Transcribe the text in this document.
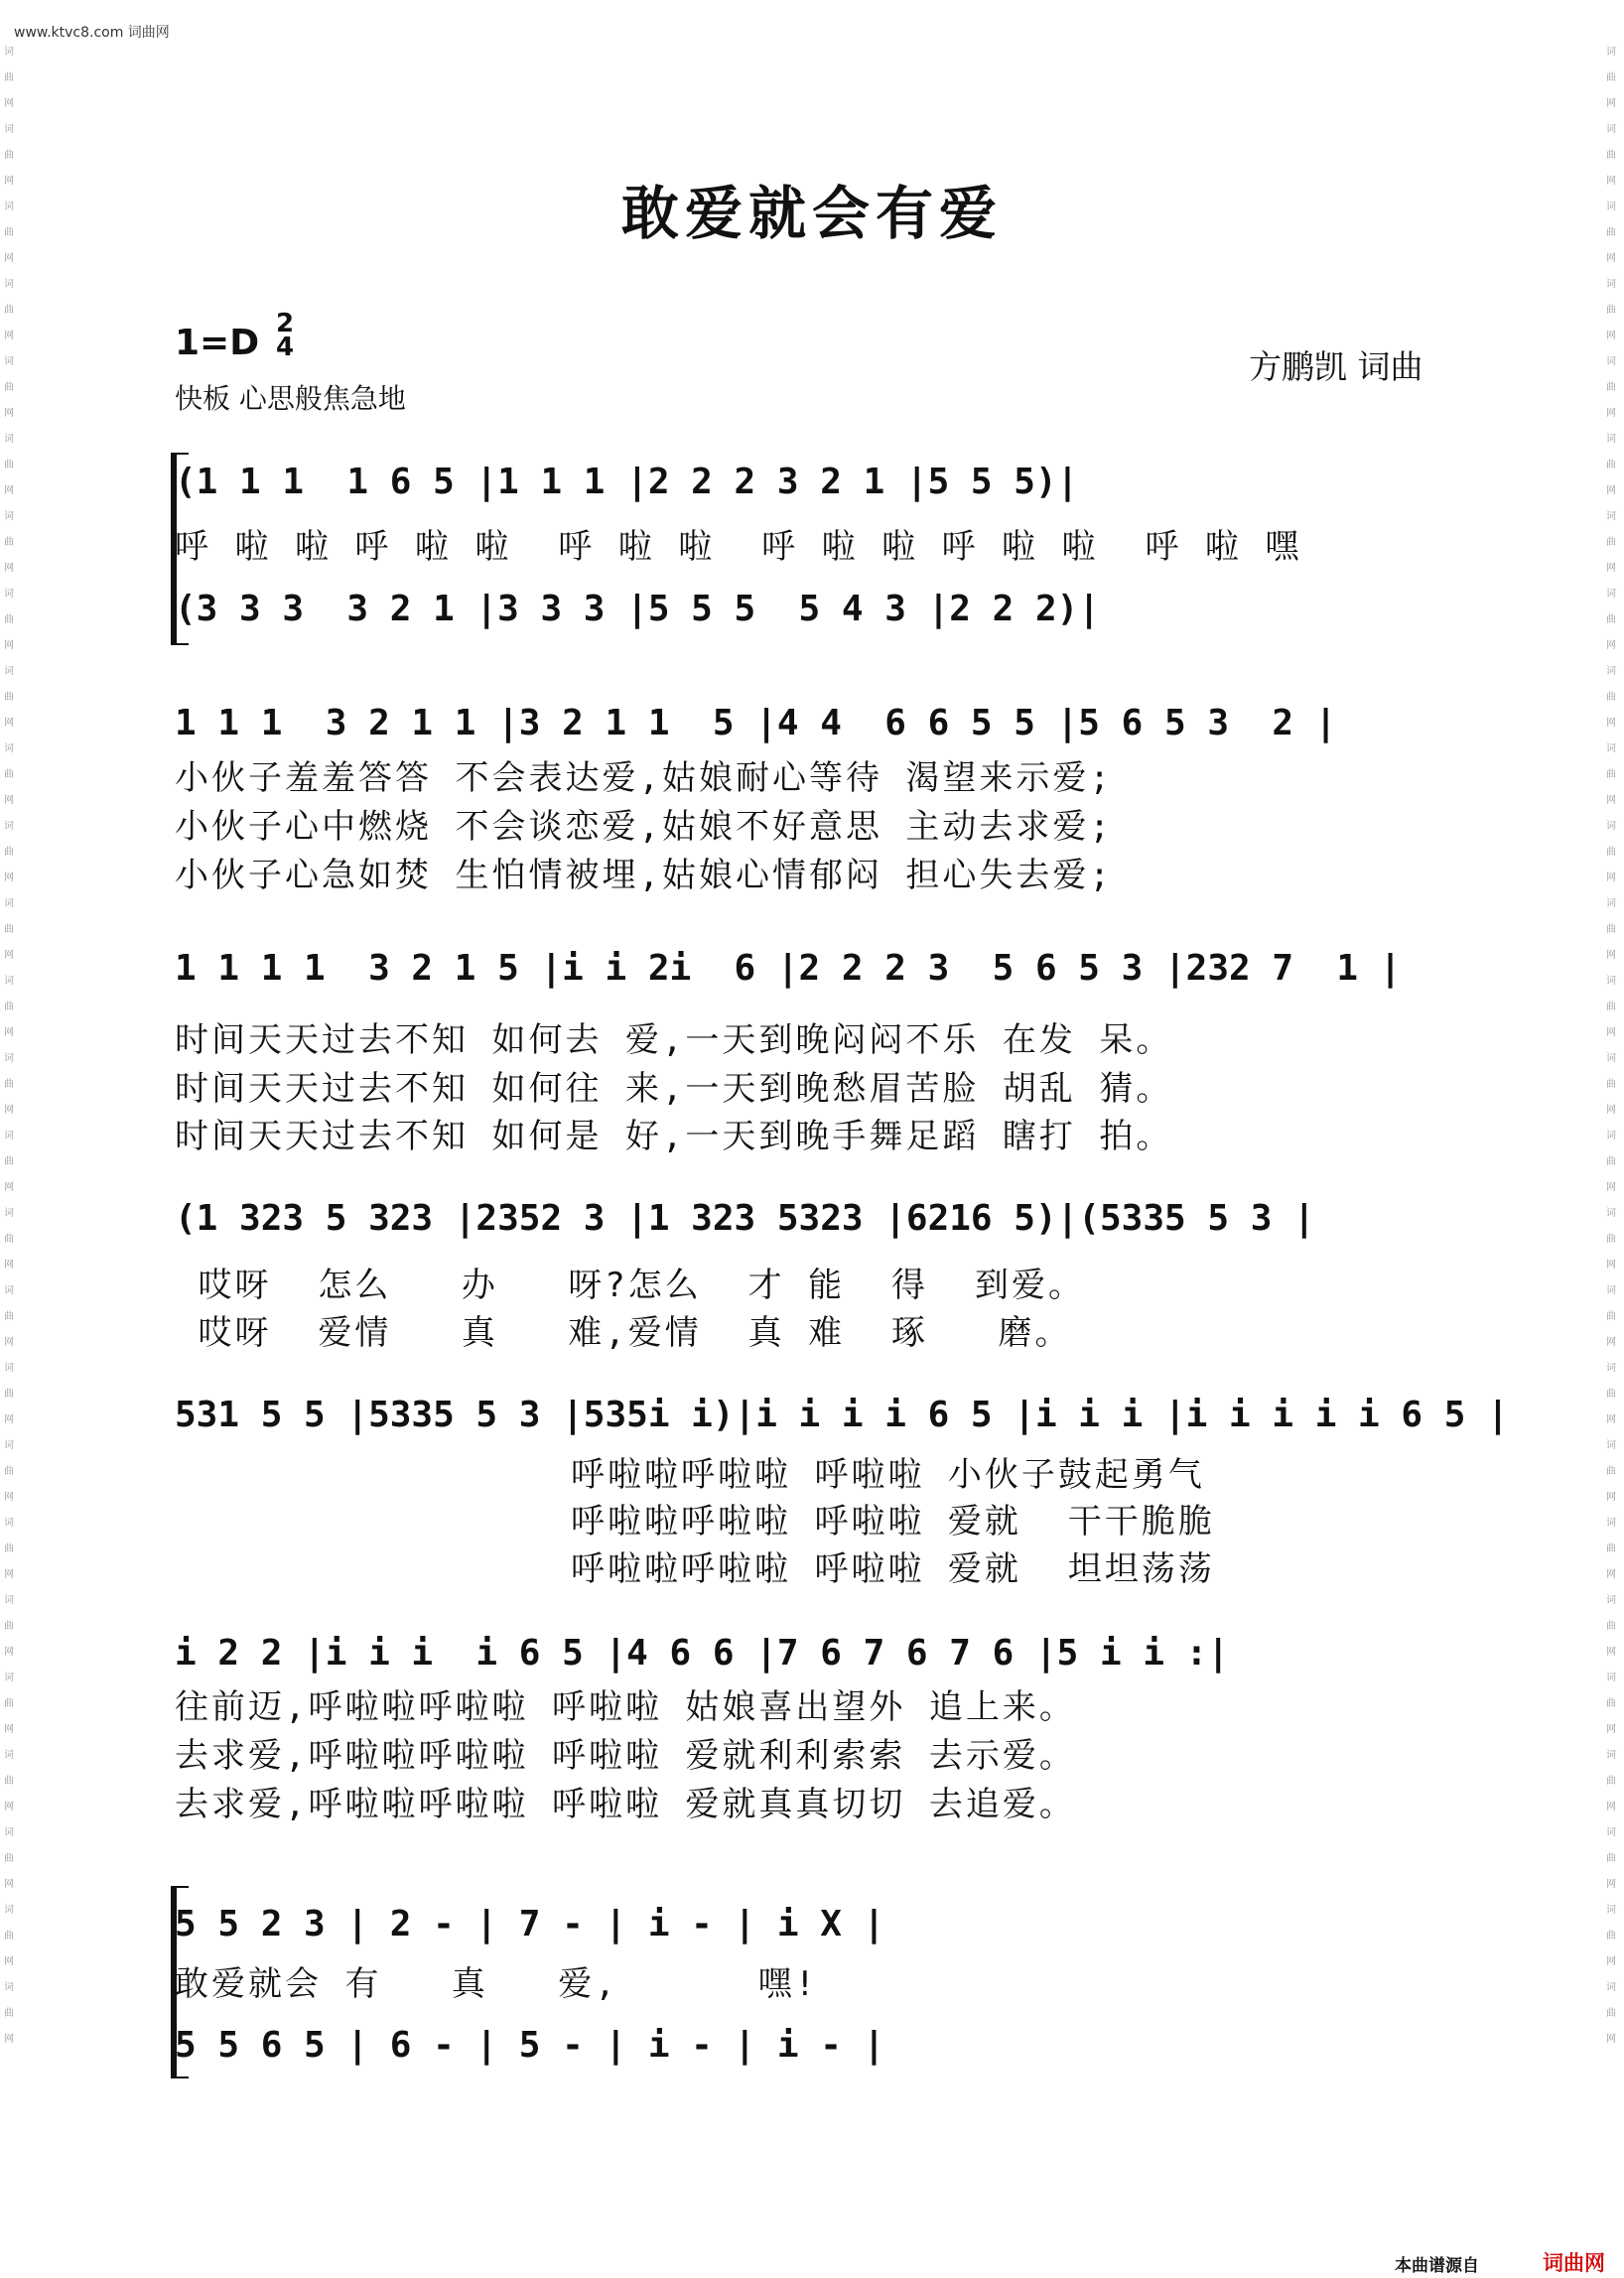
词曲网词曲网词曲网词曲网词曲网词曲网词曲网词曲网词曲网词曲网词曲网词曲网词曲网词曲网词曲网词曲网词曲网词曲网词曲网词曲网词曲网词曲网词曲网词曲网词曲网词曲网
词曲网词曲网词曲网词曲网词曲网词曲网词曲网词曲网词曲网词曲网词曲网词曲网词曲网词曲网词曲网词曲网词曲网词曲网词曲网词曲网词曲网词曲网词曲网词曲网词曲网词曲网
www.ktvc8.com 词曲网
敢爱就会有爱
1=D 2
4
快板 心思般焦急地
方鹏凯 词曲
(1 1 1  1 6 5 |1 1 1 |2 2 2 3 2 1 |5 5 5)|
呼 啦 啦 呼 啦 啦  呼 啦 啦  呼 啦 啦 呼 啦 啦  呼 啦 嘿
(3 3 3  3 2 1 |3 3 3 |5 5 5  5 4 3 |2 2 2)|
1 1 1  3 2 1 1 |3 2 1 1  5 |4 4  6 6 5 5 |5 6 5 3  2 |
小伙子羞羞答答 不会表达爱,姑娘耐心等待 渴望来示爱;
小伙子心中燃烧 不会谈恋爱,姑娘不好意思 主动去求爱;
小伙子心急如焚 生怕情被埋,姑娘心情郁闷 担心失去爱;
1 1 1 1  3 2 1 5 |i i 2i  6 |2 2 2 3  5 6 5 3 |232 7  1 |
时间天天过去不知 如何去 爱,一天到晚闷闷不乐 在发 呆。
时间天天过去不知 如何往 来,一天到晚愁眉苦脸 胡乱 猜。
时间天天过去不知 如何是 好,一天到晚手舞足蹈 瞎打 拍。
(1 323 5 323 |2352 3 |1 323 5323 |6216 5)|(5335 5 3 |
哎呀  怎么   办   呀?怎么  才 能  得  到爱。
哎呀  爱情   真   难,爱情  真 难  琢   磨。
531 5 5 |5335 5 3 |535i i)|i i i i 6 5 |i i i |i i i i i 6 5 |
呼啦啦呼啦啦 呼啦啦 小伙子鼓起勇气
呼啦啦呼啦啦 呼啦啦 爱就  干干脆脆
呼啦啦呼啦啦 呼啦啦 爱就  坦坦荡荡
i 2 2 |i i i  i 6 5 |4 6 6 |7 6 7 6 7 6 |5 i i :|
往前迈,呼啦啦呼啦啦 呼啦啦 姑娘喜出望外 追上来。
去求爱,呼啦啦呼啦啦 呼啦啦 爱就利利索索 去示爱。
去求爱,呼啦啦呼啦啦 呼啦啦 爱就真真切切 去追爱。
5 5 2 3 | 2 - | 7 - | i - | i X |
敢爱就会 有   真   爱,      嘿!
5 5 6 5 | 6 - | 5 - | i - | i - |
本曲谱源自	词曲网
